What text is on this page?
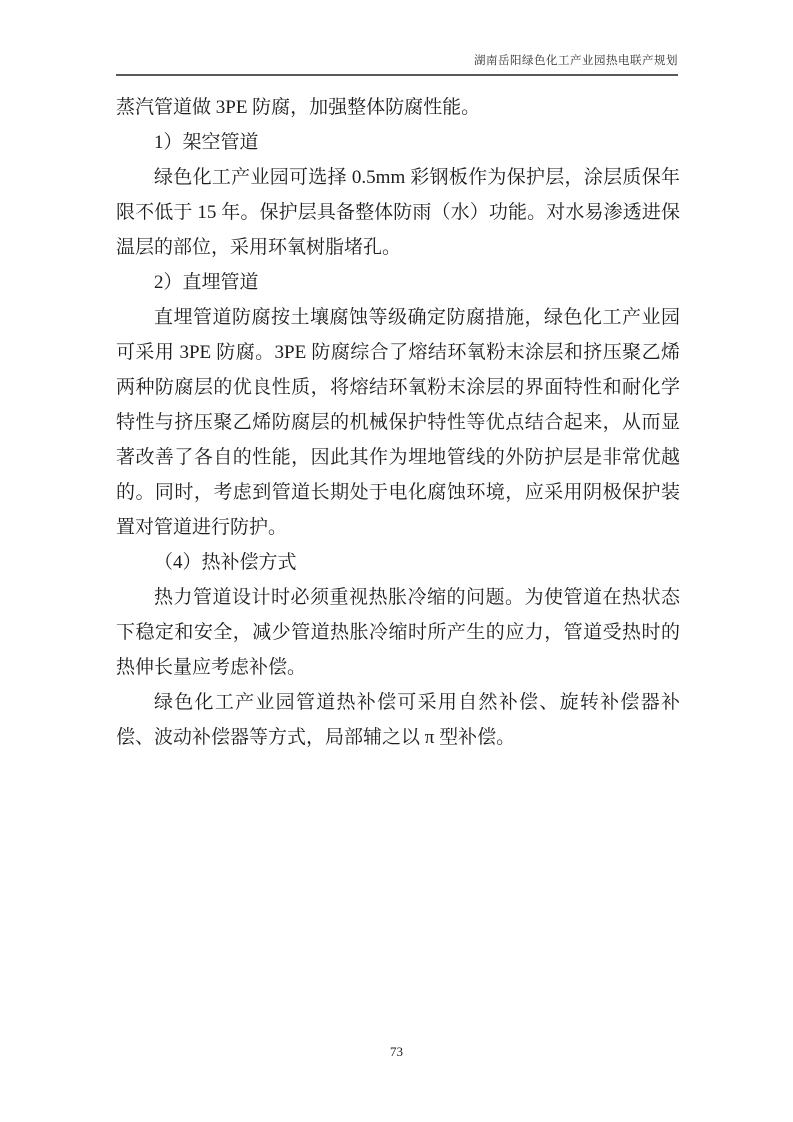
湖南岳阳绿色化工产业园热电联产规划

蒸汽管道做 3PE 防腐，加强整体防腐性能。

1）架空管道

绿色化工产业园可选择 0.5mm 彩钢板作为保护层，涂层质保年限不低于 15 年。保护层具备整体防雨（水）功能。对水易渗透进保温层的部位，采用环氧树脂堵孔。

2）直埋管道

直埋管道防腐按土壤腐蚀等级确定防腐措施，绿色化工产业园可采用 3PE 防腐。3PE 防腐综合了熔结环氧粉末涂层和挤压聚乙烯两种防腐层的优良性质，将熔结环氧粉末涂层的界面特性和耐化学特性与挤压聚乙烯防腐层的机械保护特性等优点结合起来，从而显著改善了各自的性能，因此其作为埋地管线的外防护层是非常优越的。同时，考虑到管道长期处于电化腐蚀环境，应采用阴极保护装置对管道进行防护。

（4）热补偿方式

热力管道设计时必须重视热胀冷缩的问题。为使管道在热状态下稳定和安全，减少管道热胀冷缩时所产生的应力，管道受热时的热伸长量应考虑补偿。

绿色化工产业园管道热补偿可采用自然补偿、旋转补偿器补偿、波动补偿器等方式，局部辅之以 π 型补偿。

73
